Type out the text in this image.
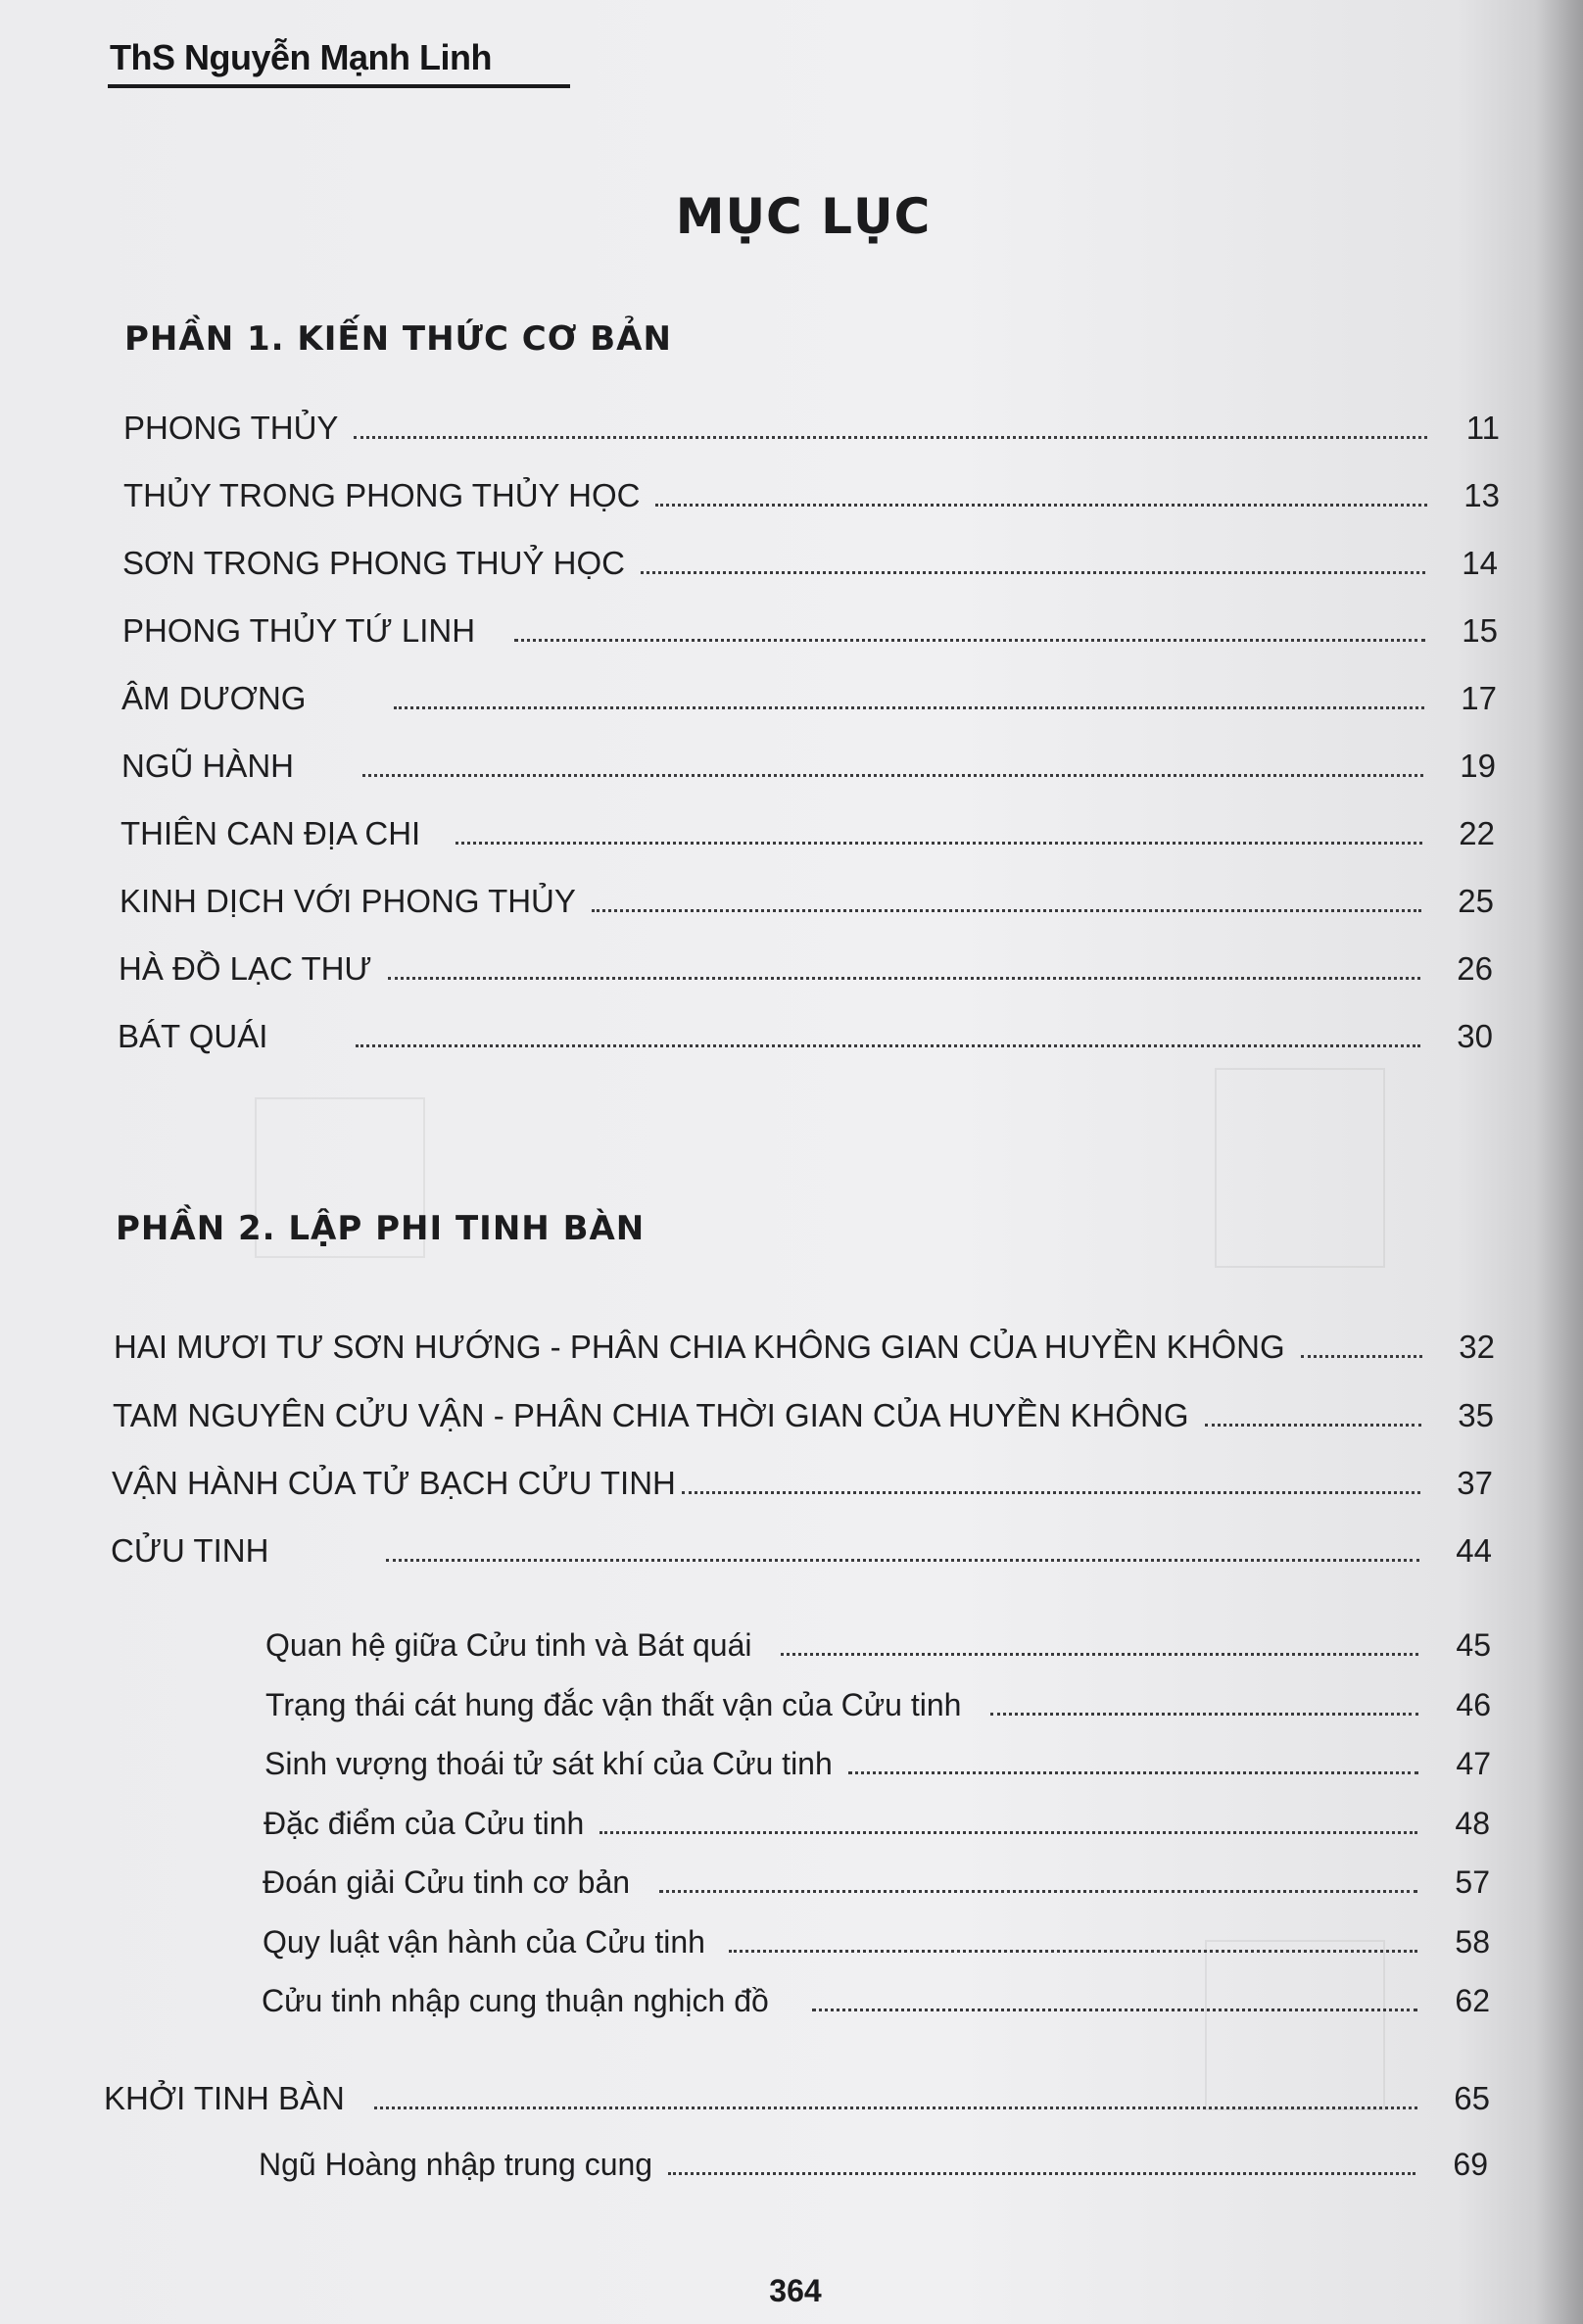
ThS Nguyễn Mạnh Linh
MỤC LỤC
PHẦN 1. KIẾN THỨC CƠ BẢN
PHONG THỦY	11
THỦY TRONG PHONG THỦY HỌC	13
SƠN TRONG PHONG THUỶ HỌC	14
PHONG THỦY TỨ LINH	15
ÂM DƯƠNG	17
NGŨ HÀNH	19
THIÊN CAN ĐỊA CHI	22
KINH DỊCH VỚI PHONG THỦY	25
HÀ ĐỒ LẠC THƯ	26
BÁT QUÁI	30
PHẦN 2. LẬP PHI TINH BÀN
HAI MƯƠI TƯ SƠN HƯỚNG - PHÂN CHIA KHÔNG GIAN CỦA HUYỀN KHÔNG	32
TAM NGUYÊN CỬU VẬN - PHÂN CHIA THỜI GIAN CỦA HUYỀN KHÔNG	35
VẬN HÀNH CỦA TỬ BẠCH CỬU TINH	37
CỬU TINH	44
Quan hệ giữa Cửu tinh và Bát quái	45
Trạng thái cát hung đắc vận thất vận của Cửu tinh	46
Sinh vượng thoái tử sát khí của Cửu tinh	47
Đặc điểm của Cửu tinh	48
Đoán giải Cửu tinh cơ bản	57
Quy luật vận hành của Cửu tinh	58
Cửu tinh nhập cung thuận nghịch đồ	62
KHỞI TINH BÀN	65
Ngũ Hoàng nhập trung cung	69
364
